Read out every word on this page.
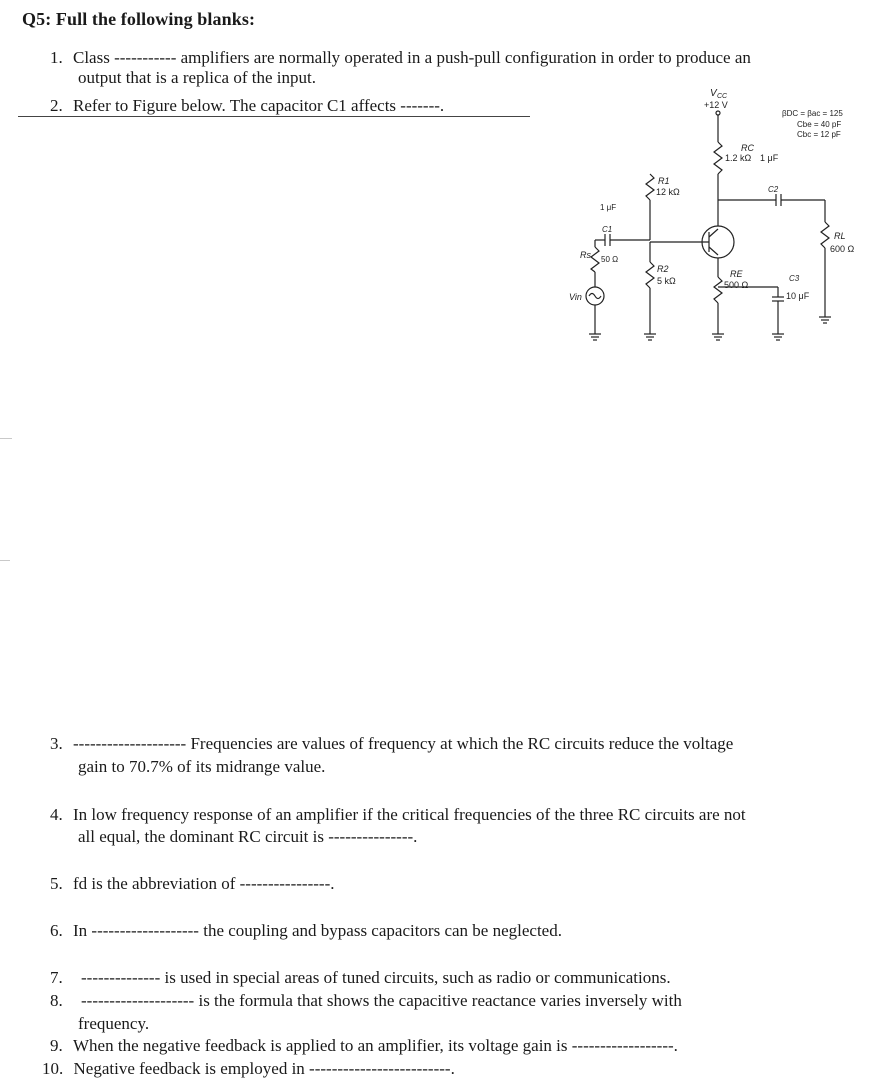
Q5: Full the following blanks:
1. Class ----------- amplifiers are normally operated in a push-pull configuration in order to produce an
output that is a replica of the input.
2. Refer to Figure below. The capacitor C1 affects -------.
V CC
+12 V
βDC = βac = 125
Cbe = 40 pF
Cbc = 12 pF
RC
1.2 kΩ 1 μF
C2
R1
12 kΩ
1 μF
C1
Rs 50 Ω
R2
5 kΩ
RE
500 Ω
C3
10 μF
RL
600 Ω
Vin
3. -------------------- Frequencies are values of frequency at which the RC circuits reduce the voltage
gain to 70.7% of its midrange value.
4. In low frequency response of an amplifier if the critical frequencies of the three RC circuits are not
all equal, the dominant RC circuit is ---------------.
5. fd is the abbreviation of ----------------.
6. In ------------------- the coupling and bypass capacitors can be neglected.
7. -------------- is used in special areas of tuned circuits, such as radio or communications.
8. -------------------- is the formula that shows the capacitive reactance varies inversely with
frequency.
9. When the negative feedback is applied to an amplifier, its voltage gain is ------------------.
10. Negative feedback is employed in -------------------------.
